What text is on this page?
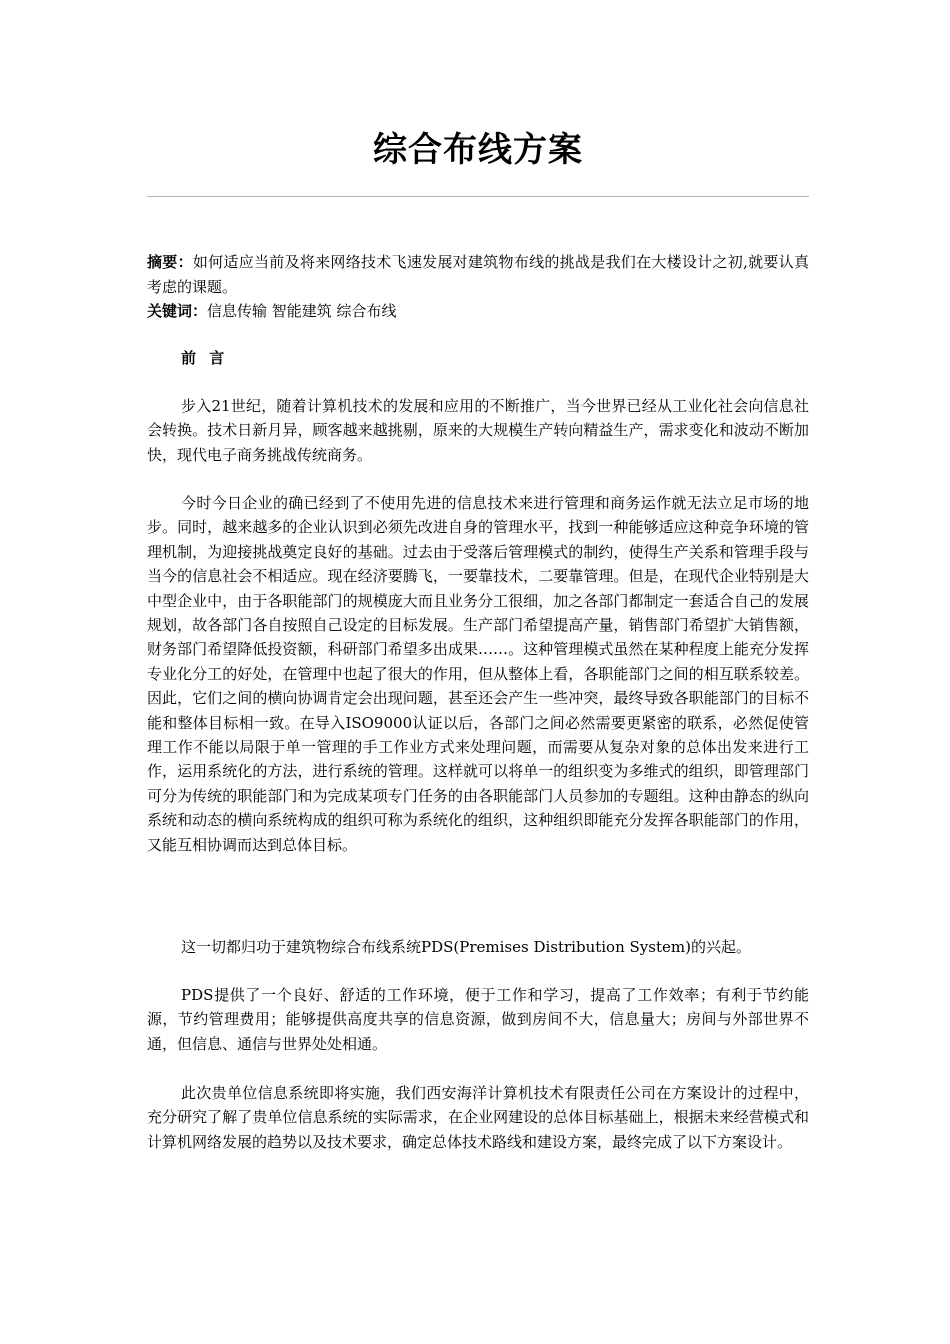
综合布线方案
摘要：如何适应当前及将来网络技术飞速发展对建筑物布线的挑战是我们在大楼设计之初,就要认真考虑的课题。
关键词：信息传输 智能建筑 综合布线
前 言

步入21世纪，随着计算机技术的发展和应用的不断推广，当今世界已经从工业化社会向信息社会转换。技术日新月异，顾客越来越挑剔，原来的大规模生产转向精益生产，需求变化和波动不断加快，现代电子商务挑战传统商务。

今时今日企业的确已经到了不使用先进的信息技术来进行管理和商务运作就无法立足市场的地步。同时，越来越多的企业认识到必须先改进自身的管理水平，找到一种能够适应这种竞争环境的管理机制，为迎接挑战奠定良好的基础。过去由于受落后管理模式的制约，使得生产关系和管理手段与当今的信息社会不相适应。现在经济要腾飞，一要靠技术，二要靠管理。但是，在现代企业特别是大中型企业中，由于各职能部门的规模庞大而且业务分工很细，加之各部门都制定一套适合自己的发展规划，故各部门各自按照自己设定的目标发展。生产部门希望提高产量，销售部门希望扩大销售额，财务部门希望降低投资额，科研部门希望多出成果……。这种管理模式虽然在某种程度上能充分发挥专业化分工的好处，在管理中也起了很大的作用，但从整体上看，各职能部门之间的相互联系较差。因此，它们之间的横向协调肯定会出现问题，甚至还会产生一些冲突，最终导致各职能部门的目标不能和整体目标相一致。在导入ISO9000认证以后，各部门之间必然需要更紧密的联系，必然促使管理工作不能以局限于单一管理的手工作业方式来处理问题，而需要从复杂对象的总体出发来进行工作，运用系统化的方法，进行系统的管理。这样就可以将单一的组织变为多维式的组织，即管理部门可分为传统的职能部门和为完成某项专门任务的由各职能部门人员参加的专题组。这种由静态的纵向系统和动态的横向系统构成的组织可称为系统化的组织，这种组织即能充分发挥各职能部门的作用，又能互相协调而达到总体目标。

这一切都归功于建筑物综合布线系统PDS(Premises Distribution System)的兴起。

PDS提供了一个良好、舒适的工作环境，便于工作和学习，提高了工作效率；有利于节约能源，节约管理费用；能够提供高度共享的信息资源，做到房间不大，信息量大；房间与外部世界不通，但信息、通信与世界处处相通。

此次贵单位信息系统即将实施，我们西安海洋计算机技术有限责任公司在方案设计的过程中，充分研究了解了贵单位信息系统的实际需求，在企业网建设的总体目标基础上，根据未来经营模式和计算机网络发展的趋势以及技术要求，确定总体技术路线和建设方案，最终完成了以下方案设计。
